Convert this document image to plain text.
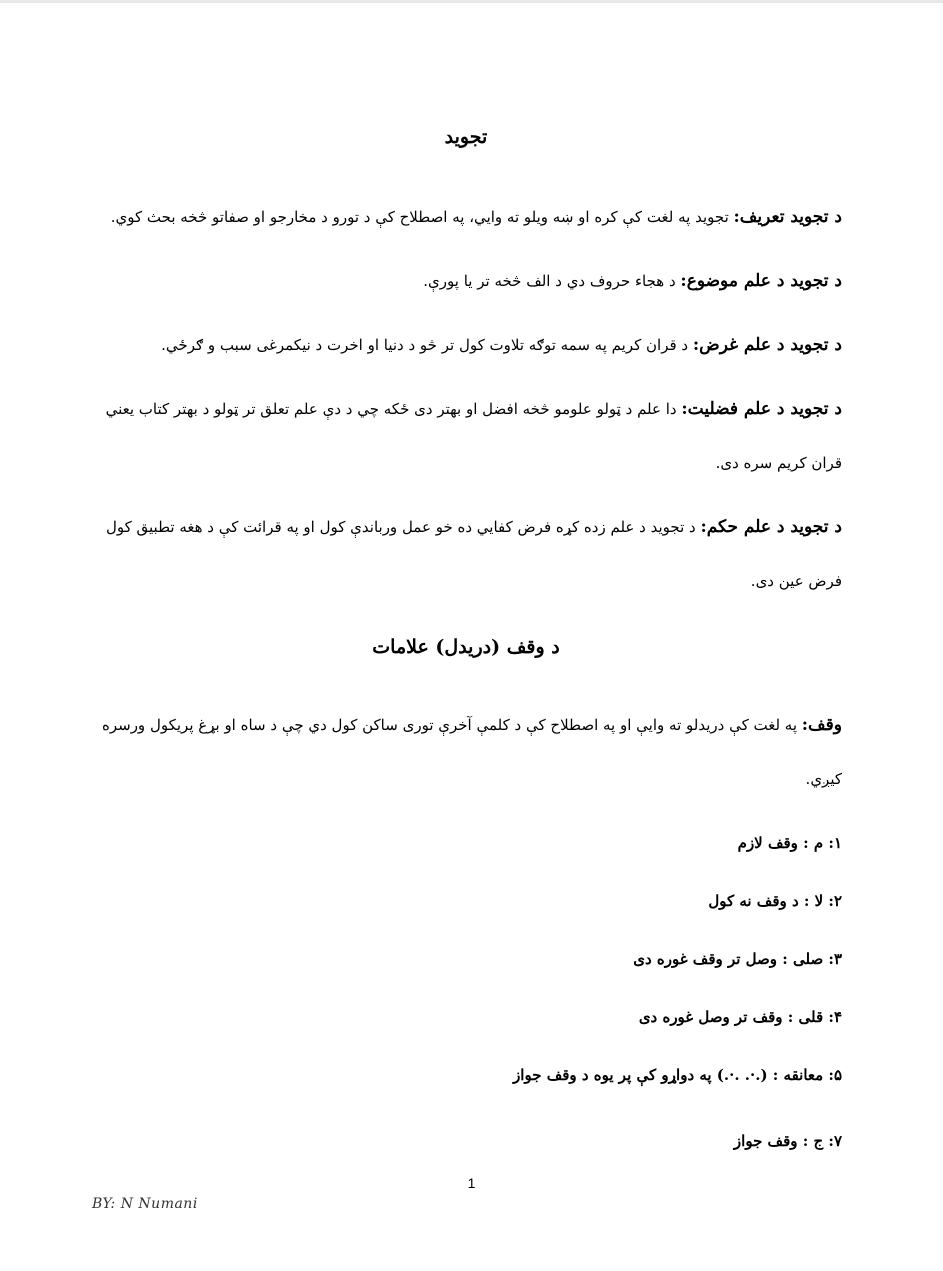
تجويد

د تجويد تعريف: تجويد په لغت کې کره او ښه ويلو ته وايي، په اصطلاح کې د تورو د مخارجو او صفاتو څخه بحث کوي.

د تجويد د علم موضوع: د هجاء حروف دي د الف څخه تر يا پورې.

د تجويد د علم غرض: د قران کريم په سمه توګه تلاوت کول تر څو د دنيا او اخرت د نيکمرغی سبب و ګرځي.

د تجويد د علم فضليت: دا علم د ټولو علومو څخه افضل او بهتر دی ځکه چي د دې علم تعلق تر ټولو د بهتر کتاب يعني قران کريم سره دی.

د تجويد د علم حکم: د تجويد د علم زده کړه فرض کفايي ده خو عمل ورباندې کول او په قرائت کې د هغه تطبيق کول فرض عين دی.

د وقف (دريدل) علامات

وقف: په لغت کې دريدلو ته وايې او په اصطلاح کې د کلمې آخرې توری ساکن کول دي چې د ساه او بړغ پريکول ورسره کيږي.

۱: م : وقف لازم
۲: لا : د وقف نه کول
۳: صلی : وصل تر وقف غوره دی
۴: قلی : وقف تر وصل غوره دی
۵: معانقه : (.·. .·.) په دواړو کې پر يوه د وقف جواز
۷: ج : وقف جواز
1
BY: N Numani
